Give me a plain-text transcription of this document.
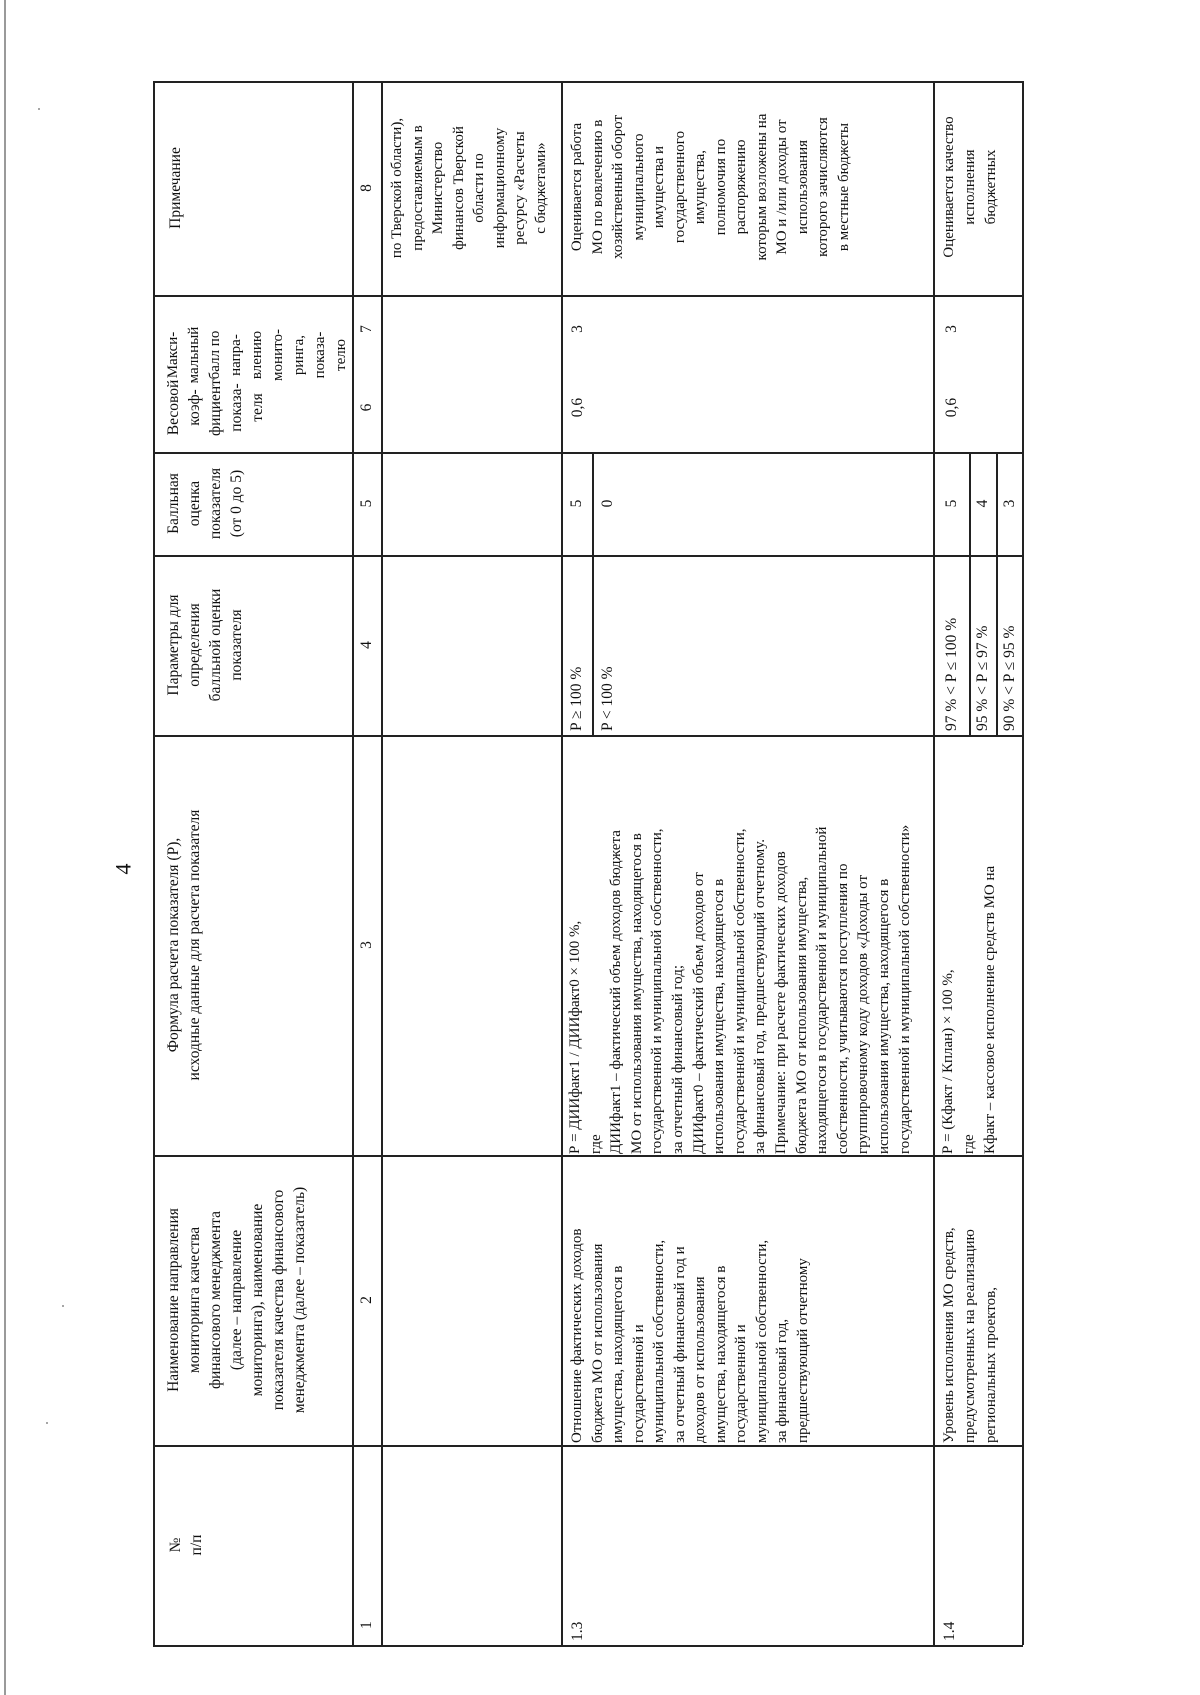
4
№
п/п
Наименование направления
мониторинга качества
финансового менеджмента
(далее – направление
мониторинга), наименование
показателя качества финансового
менеджмента (далее – показатель)
Формула расчета показателя (Р),
исходные данные для расчета показателя
Параметры для
определения
балльной оценки
показателя
Балльная
оценка
показателя
(от 0 до 5)
Весовой
коэф-
фициент
показа-
теля
Макси-
мальный
балл по
напра-
влению
монито-
ринга,
показа-
телю
Примечание
1
2
3
4
5
6
7
8
по Тверской области),
предоставляемым в
Министерство
финансов Тверской
области по
информационному
ресурсу «Расчеты
с бюджетами»
1.3
Отношение фактических доходов
бюджета МО от использования
имущества, находящегося в
государственной и
муниципальной собственности,
за отчетный финансовый год и
доходов от использования
имущества, находящегося в
государственной и
муниципальной собственности,
за финансовый год,
предшествующий отчетному
Р = ДИИфакт1 / ДИИфакт0 × 100 %,
где
ДИИфакт1 – фактический объем доходов бюджета
МО от использования имущества, находящегося в
государственной и муниципальной собственности,
за отчетный финансовый год;
ДИИфакт0 – фактический объем доходов от
использования имущества, находящегося в
государственной и муниципальной собственности,
за финансовый год, предшествующий отчетному.
Примечание: при расчете фактических доходов
бюджета МО от использования имущества,
находящегося в государственной и муниципальной
собственности, учитываются поступления по
группировочному коду доходов «Доходы от
использования имущества, находящегося в
государственной и муниципальной собственности»
P ≥ 100 % P < 100 %
5 0
0,6
3
Оценивается работа
МО по вовлечению в
хозяйственный оборот
муниципального
имущества и
государственного
имущества,
полномочия по
распоряжению
которым возложены на
МО и /или доходы от
использования
которого зачисляются
в местные бюджеты
1.4
Уровень исполнения МО средств,
предусмотренных на реализацию
региональных проектов,
Р = (Кфакт / Кплан) × 100 %,
где
Кфакт – кассовое исполнение средств МО на
97 % < P ≤ 100 % 95 % < P ≤ 97 % 90 % < P ≤ 95 %
5 4 3
0,6
3
Оценивается качество
исполнения
бюджетных
